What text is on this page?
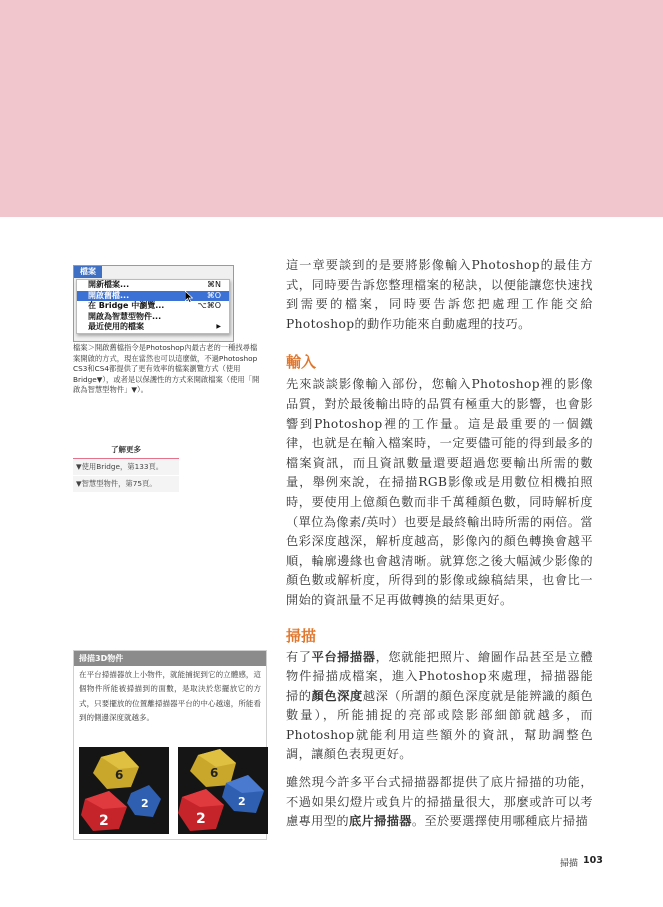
檔案
開新檔案...	⌘N
開啟舊檔...	⌘O
在 Bridge 中瀏覽...	⌥⌘O
開啟為智慧型物件...
最近使用的檔案	▶
檔案＞開啟舊檔指令是Photoshop內最古老的一種找尋檔案開啟的方式，現在當然也可以這麼做，不過Photoshop CS3和CS4都提供了更有效率的檔案瀏覽方式（使用Bridge▼），或者是以保護性的方式來開啟檔案（使用「開啟為智慧型物件」▼）。
了解更多
▼使用Bridge，第133頁。
▼智慧型物件，第75頁。
掃描3D物件
在平台掃描器放上小物件，就能捕捉到它的立體感，這個物件所能被掃描到的面數，是取決於您擺放它的方式，只要擺放的位置離掃描器平台的中心越遠，所能看到的側邊深度就越多。
6
2
2
6
2
2

這一章要談到的是要將影像輸入Photoshop的最佳方式，同時要告訴您整理檔案的秘訣，以便能讓您快速找到需要的檔案，同時要告訴您把處理工作能交給Photoshop的動作功能來自動處理的技巧。

輸入

先來談談影像輸入部份，您輸入Photoshop裡的影像品質，對於最後輸出時的品質有極重大的影響，也會影響到Photoshop裡的工作量。這是最重要的一個鐵律，也就是在輸入檔案時，一定要儘可能的得到最多的檔案資訊，而且資訊數量還要超過您要輸出所需的數量，舉例來說，在掃描RGB影像或是用數位相機拍照時，要使用上億顏色數而非千萬種顏色數，同時解析度（單位為像素/英吋）也要是最終輸出時所需的兩倍。當色彩深度越深，解析度越高，影像內的顏色轉換會越平順，輪廓邊緣也會越清晰。就算您之後大幅減少影像的顏色數或解析度，所得到的影像或線稿結果，也會比一開始的資訊量不足再做轉換的結果更好。

掃描

有了平台掃描器，您就能把照片、繪圖作品甚至是立體物件掃描成檔案，進入Photoshop來處理，掃描器能掃的顏色深度越深（所謂的顏色深度就是能辨識的顏色數量），所能捕捉的亮部或陰影部細節就越多，而Photoshop就能利用這些額外的資訊，幫助調整色調，讓顏色表現更好。

雖然現今許多平台式掃描器都提供了底片掃描的功能，不過如果幻燈片或負片的掃描量很大，那麼或許可以考慮專用型的底片掃描器。至於要選擇使用哪種底片掃描

掃描 103
